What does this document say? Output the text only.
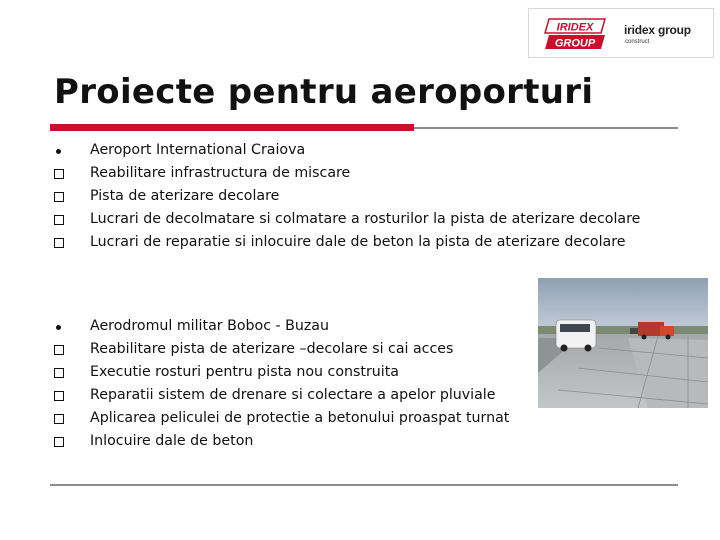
IRIDEX
GROUP
iridex group
construct
Proiecte pentru aeroporturi
Aeroport International Craiova
Reabilitare infrastructura de miscare
Pista de aterizare decolare
Lucrari de decolmatare si colmatare a rosturilor la pista de aterizare decolare
Lucrari de reparatie si inlocuire dale de beton la pista de aterizare decolare
Aerodromul militar Boboc - Buzau
Reabilitare pista de aterizare –decolare si cai acces
Executie rosturi pentru pista nou construita
Reparatii sistem de drenare si colectare a apelor pluviale
Aplicarea peliculei de protectie a betonului proaspat turnat
Inlocuire dale de beton
